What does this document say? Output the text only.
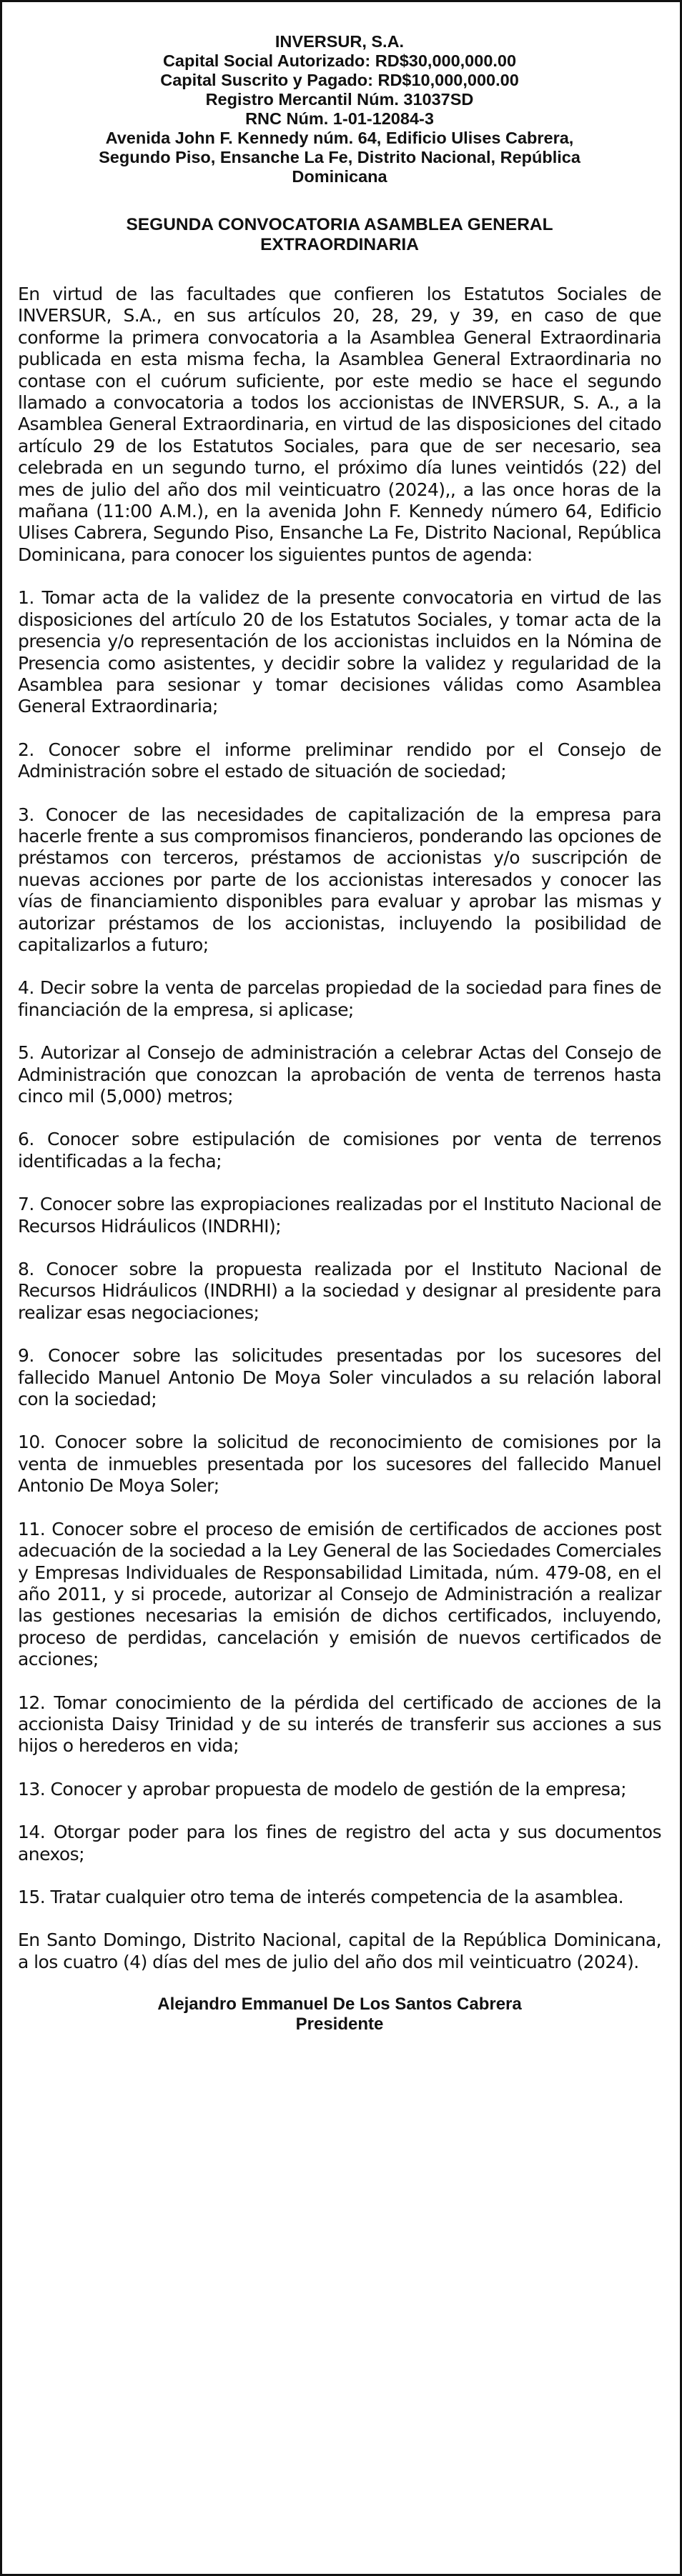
INVERSUR, S.A.
Capital Social Autorizado: RD$30,000,000.00
Capital Suscrito y Pagado: RD$10,000,000.00
Registro Mercantil Núm. 31037SD
RNC Núm. 1-01-12084-3
Avenida John F. Kennedy núm. 64, Edificio Ulises Cabrera,
Segundo Piso, Ensanche La Fe, Distrito Nacional, República
Dominicana
SEGUNDA CONVOCATORIA ASAMBLEA GENERAL EXTRAORDINARIA

En virtud de las facultades que confieren los Estatutos Sociales de INVERSUR, S.A., en sus artículos 20, 28, 29, y 39, en caso de que conforme la primera convocatoria a la Asamblea General Extraordinaria publicada en esta misma fecha, la Asamblea General Extraordinaria no contase con el cuórum suficiente, por este medio se hace el segundo llamado a convocatoria a todos los accionistas de INVERSUR, S. A., a la Asamblea General Extraordinaria, en virtud de las disposiciones del citado artículo 29 de los Estatutos Sociales, para que de ser necesario, sea celebrada en un segundo turno, el próximo día lunes veintidós (22) del mes de julio del año dos mil veinticuatro (2024),, a las once horas de la mañana (11:00 A.M.), en la avenida John F. Kennedy número 64, Edificio Ulises Cabrera, Segundo Piso, Ensanche La Fe, Distrito Nacional, República Dominicana, para conocer los siguientes puntos de agenda:

1. Tomar acta de la validez de la presente convocatoria en virtud de las disposiciones del artículo 20 de los Estatutos Sociales, y tomar acta de la presencia y/o representación de los accionistas incluidos en la Nómina de Presencia como asistentes, y decidir sobre la validez y regularidad de la Asamblea para sesionar y tomar decisiones válidas como Asamblea General Extraordinaria;

2. Conocer sobre el informe preliminar rendido por el Consejo de Administración sobre el estado de situación de sociedad;

3. Conocer de las necesidades de capitalización de la empresa para hacerle frente a sus compromisos financieros, ponderando las opciones de préstamos con terceros, préstamos de accionistas y/o suscripción de nuevas acciones por parte de los accionistas interesados y conocer las vías de financiamiento disponibles para evaluar y aprobar las mismas y autorizar préstamos de los accionistas, incluyendo la posibilidad de capitalizarlos a futuro;

4. Decir sobre la venta de parcelas propiedad de la sociedad para fines de financiación de la empresa, si aplicase;

5. Autorizar al Consejo de administración a celebrar Actas del Consejo de Administración que conozcan la aprobación de venta de terrenos hasta cinco mil (5,000) metros;

6. Conocer sobre estipulación de comisiones por venta de terrenos identificadas a la fecha;

7. Conocer sobre las expropiaciones realizadas por el Instituto Nacional de Recursos Hidráulicos (INDRHI);

8. Conocer sobre la propuesta realizada por el Instituto Nacional de Recursos Hidráulicos (INDRHI) a la sociedad y designar al presidente para realizar esas negociaciones;

9. Conocer sobre las solicitudes presentadas por los sucesores del fallecido Manuel Antonio De Moya Soler vinculados a su relación laboral con la sociedad;

10. Conocer sobre la solicitud de reconocimiento de comisiones por la venta de inmuebles presentada por los sucesores del fallecido Manuel Antonio De Moya Soler;

11. Conocer sobre el proceso de emisión de certificados de acciones post adecuación de la sociedad a la Ley General de las Sociedades Comerciales y Empresas Individuales de Responsabilidad Limitada, núm. 479-08, en el año 2011, y si procede, autorizar al Consejo de Administración a realizar las gestiones necesarias la emisión de dichos certificados, incluyendo, proceso de perdidas, cancelación y emisión de nuevos certificados de acciones;

12. Tomar conocimiento de la pérdida del certificado de acciones de la accionista Daisy Trinidad y de su interés de transferir sus acciones a sus hijos o herederos en vida;

13. Conocer y aprobar propuesta de modelo de gestión de la empresa;

14. Otorgar poder para los fines de registro del acta y sus documentos anexos;

15. Tratar cualquier otro tema de interés competencia de la asamblea.

En Santo Domingo, Distrito Nacional, capital de la República Dominicana, a los cuatro (4) días del mes de julio del año dos mil veinticuatro (2024).

Alejandro Emmanuel De Los Santos Cabrera
Presidente
